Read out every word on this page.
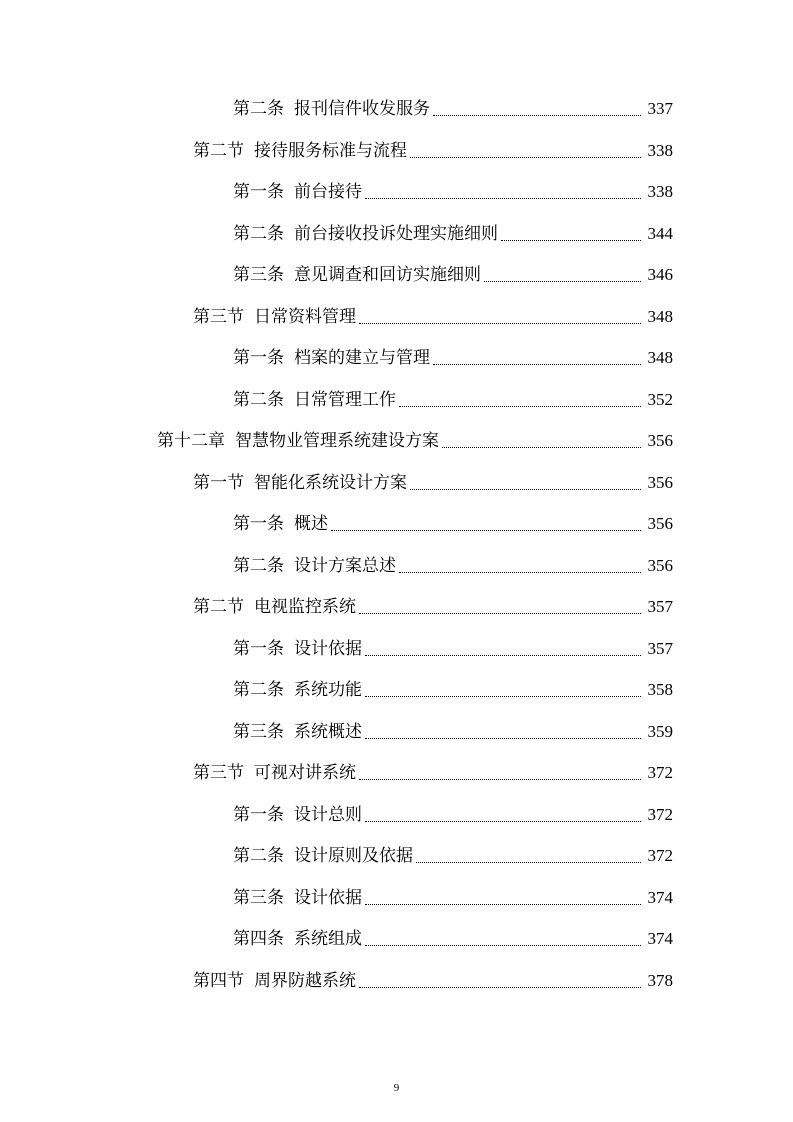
第二条 报刊信件收发服务	337
第二节 接待服务标准与流程	338
第一条 前台接待	338
第二条 前台接收投诉处理实施细则	344
第三条 意见调查和回访实施细则	346
第三节 日常资料管理	348
第一条 档案的建立与管理	348
第二条 日常管理工作	352
第十二章 智慧物业管理系统建设方案	356
第一节 智能化系统设计方案	356
第一条 概述	356
第二条 设计方案总述	356
第二节 电视监控系统	357
第一条 设计依据	357
第二条 系统功能	358
第三条 系统概述	359
第三节 可视对讲系统	372
第一条 设计总则	372
第二条 设计原则及依据	372
第三条 设计依据	374
第四条 系统组成	374
第四节 周界防越系统	378
9
